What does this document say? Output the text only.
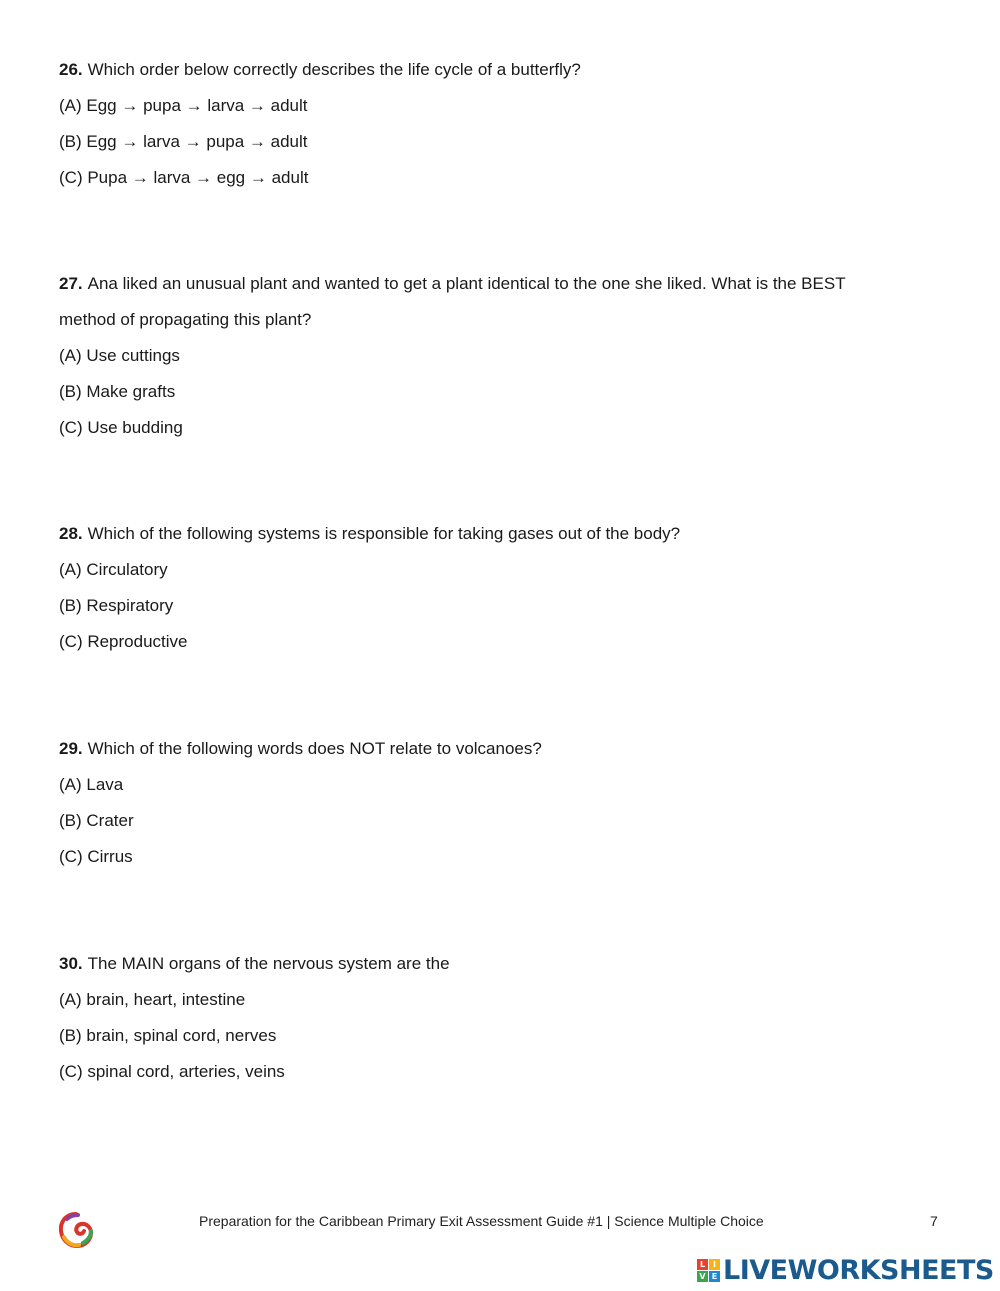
26. Which order below correctly describes the life cycle of a butterfly?
(A) Egg → pupa → larva → adult
(B) Egg → larva → pupa → adult
(C) Pupa → larva → egg → adult
27. Ana liked an unusual plant and wanted to get a plant identical to the one she liked. What is the BEST
method of propagating this plant?
(A) Use cuttings
(B) Make grafts
(C) Use budding
28. Which of the following systems is responsible for taking gases out of the body?
(A) Circulatory
(B) Respiratory
(C) Reproductive
29. Which of the following words does NOT relate to volcanoes?
(A) Lava
(B) Crater
(C) Cirrus
30. The MAIN organs of the nervous system are the
(A) brain, heart, intestine
(B) brain, spinal cord, nerves
(C) spinal cord, arteries, veins
Preparation for the Caribbean Primary Exit Assessment Guide #1 | Science Multiple Choice	7
L I
V E LIVEWORKSHEETS
